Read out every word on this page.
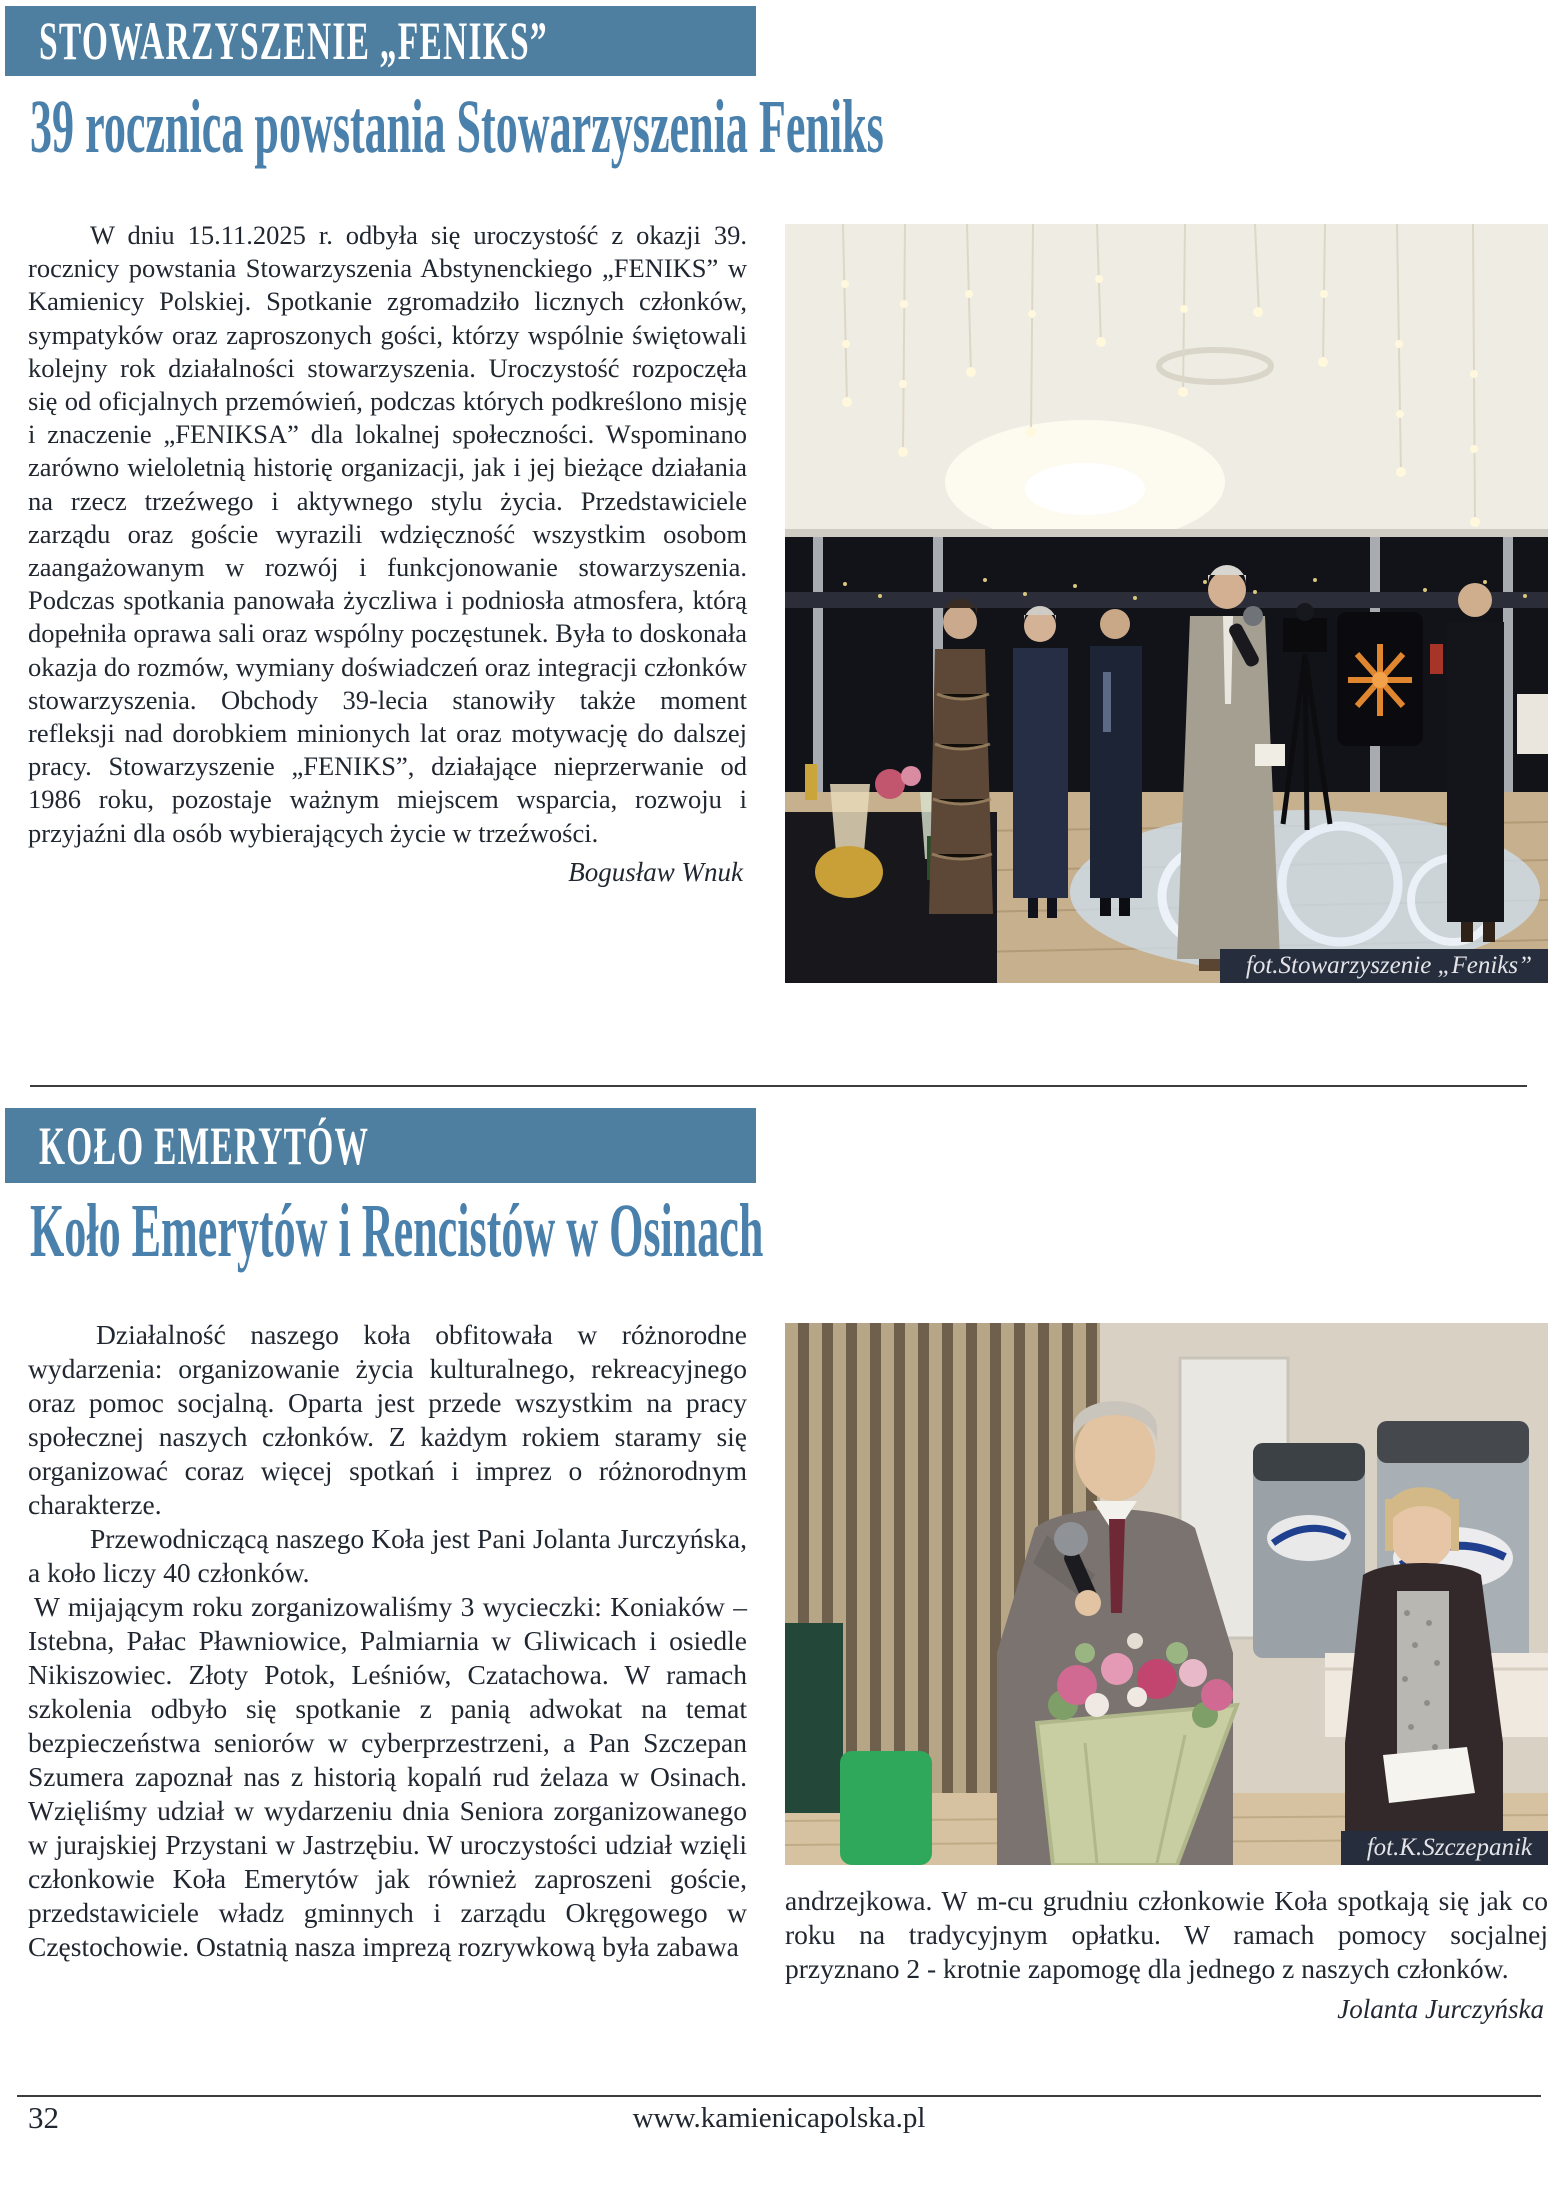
STOWARZYSZENIE „FENIKS”
39 rocznica powstania Stowarzyszenia Feniks

W dniu 15.11.2025 r. odbyła się uroczystość z okazji 39. rocznicy powstania Stowarzyszenia Abstynenckiego „FENIKS” w Kamienicy Polskiej. Spotkanie zgromadziło licznych członków, sympatyków oraz zaproszonych gości, którzy wspólnie świętowali kolejny rok działalności stowarzyszenia. Uroczystość rozpoczęła się od oficjalnych przemówień, podczas których podkreślono misję i znaczenie „FENIKSA” dla lokalnej społeczności. Wspominano zarówno wieloletnią historię organizacji, jak i jej bieżące działania na rzecz trzeźwego i aktywnego stylu życia. Przedstawiciele zarządu oraz goście wyrazili wdzięczność wszystkim osobom zaangażowanym w rozwój i funkcjonowanie stowarzyszenia. Podczas spotkania panowała życzliwa i podniosła atmosfera, którą dopełniła oprawa sali oraz wspólny poczęstunek. Była to doskonała okazja do rozmów, wymiany doświadczeń oraz integracji członków stowarzyszenia. Obchody 39-lecia stanowiły także moment refleksji nad dorobkiem minionych lat oraz motywację do dalszej pracy. Stowarzyszenie „FENIKS”, działające nieprzerwanie od 1986 roku, pozostaje ważnym miejscem wsparcia, rozwoju i przyjaźni dla osób wybierających życie w trzeźwości.

Bogusław Wnuk
fot.Stowarzyszenie „Feniks”
KOŁO EMERYTÓW
Koło Emerytów i Rencistów w Osinach

Działalność naszego koła obfitowała w różnorodne wydarzenia: organizowanie życia kulturalnego, rekreacyjnego oraz pomoc socjalną. Oparta jest przede wszystkim na pracy społecznej naszych członków. Z każdym rokiem staramy się organizować coraz więcej spotkań i imprez o różnorodnym charakterze.

Przewodniczącą naszego Koła jest Pani Jolanta Jurczyńska, a koło liczy 40 członków.

W mijającym roku zorganizowaliśmy 3 wycieczki: Koniaków – Istebna, Pałac Pławniowice, Palmiarnia w Gliwicach i osiedle Nikiszowiec. Złoty Potok, Leśniów, Czatachowa. W ramach szkolenia odbyło się spotkanie z panią adwokat na temat bezpieczeństwa seniorów w cyberprzestrzeni, a Pan Szczepan Szumera zapoznał nas z historią kopalń rud żelaza w Osinach. Wzięliśmy udział w wydarzeniu dnia Seniora zorganizowanego w jurajskiej Przystani w Jastrzębiu. W uroczystości udział wzięli członkowie Koła Emerytów jak również zaproszeni goście, przedstawiciele władz gminnych i zarządu Okręgowego w Częstochowie. Ostatnią nasza imprezą rozrywkową była zabawa

fot.K.Szczepanik

andrzejkowa. W m-cu grudniu członkowie Koła spotkają się jak co roku na tradycyjnym opłatku. W ramach pomocy socjalnej przyznano 2 - krotnie zapomogę dla jednego z naszych członków.

Jolanta Jurczyńska
32	www.kamienicapolska.pl
